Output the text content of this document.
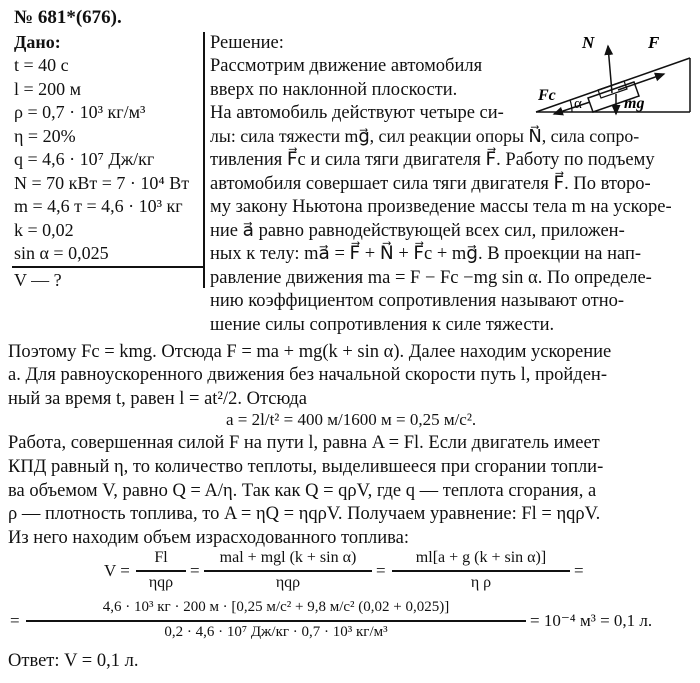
№ 681*(676).
Дано:
t = 40 с
l = 200 м
ρ = 0,7 · 10³ кг/м³
η = 20%
q = 4,6 · 10⁷ Дж/кг
N = 70 кВт = 7 · 10⁴ Вт
m = 4,6 т = 4,6 · 10³ кг
k = 0,02
sin α = 0,025
V — ?
Решение:
Рассмотрим движение автомобиля
вверх по наклонной плоскости.
На автомобиль действуют четыре си-
лы: сила тяжести mg⃗, сил реакции опоры N⃗, сила сопро-
тивления F⃗c и сила тяги двигателя F⃗. Работу по подъему
автомобиля совершает сила тяги двигателя F⃗. По второ-
му закону Ньютона произведение массы тела m на ускоре-
ние a⃗ равно равнодействующей всех сил, приложен-
ных к телу: ma⃗ = F⃗ + N⃗ + F⃗c + mg⃗. В проекции на нап-
равление движения ma = F − Fc −mg sin α. По определе-
нию коэффициентом сопротивления называют отно-
шение силы сопротивления к силе тяжести.
N	F
Fc	mg
α
Поэтому Fc = kmg. Отсюда F = ma + mg(k + sin α). Далее находим ускорение
a. Для равноускоренного движения без начальной скорости путь l, пройден-
ный за время t, равен l = at²/2. Отсюда
a = 2l/t² = 400 м/1600 м = 0,25 м/с².
Работа, совершенная силой F на пути l, равна A = Fl. Если двигатель имеет
КПД равный η, то количество теплоты, выделившееся при сгорании топли-
ва объемом V, равно Q = A/η. Так как Q = qρV, где q — теплота сгорания, а
ρ — плотность топлива, то A = ηQ = ηqρV. Получаем уравнение: Fl = ηqρV.
Из него находим объем израсходованного топлива:
V =
Fl
ηqρ
=
mal + mgl (k + sin α)
ηqρ
=
ml[a + g (k + sin α)]
η ρ
=
=
4,6 · 10³ кг · 200 м · [0,25 м/с² + 9,8 м/с² (0,02 + 0,025)]
0,2 · 4,6 · 10⁷ Дж/кг · 0,7 · 10³ кг/м³
= 10⁻⁴ м³ = 0,1 л.
Ответ: V = 0,1 л.
